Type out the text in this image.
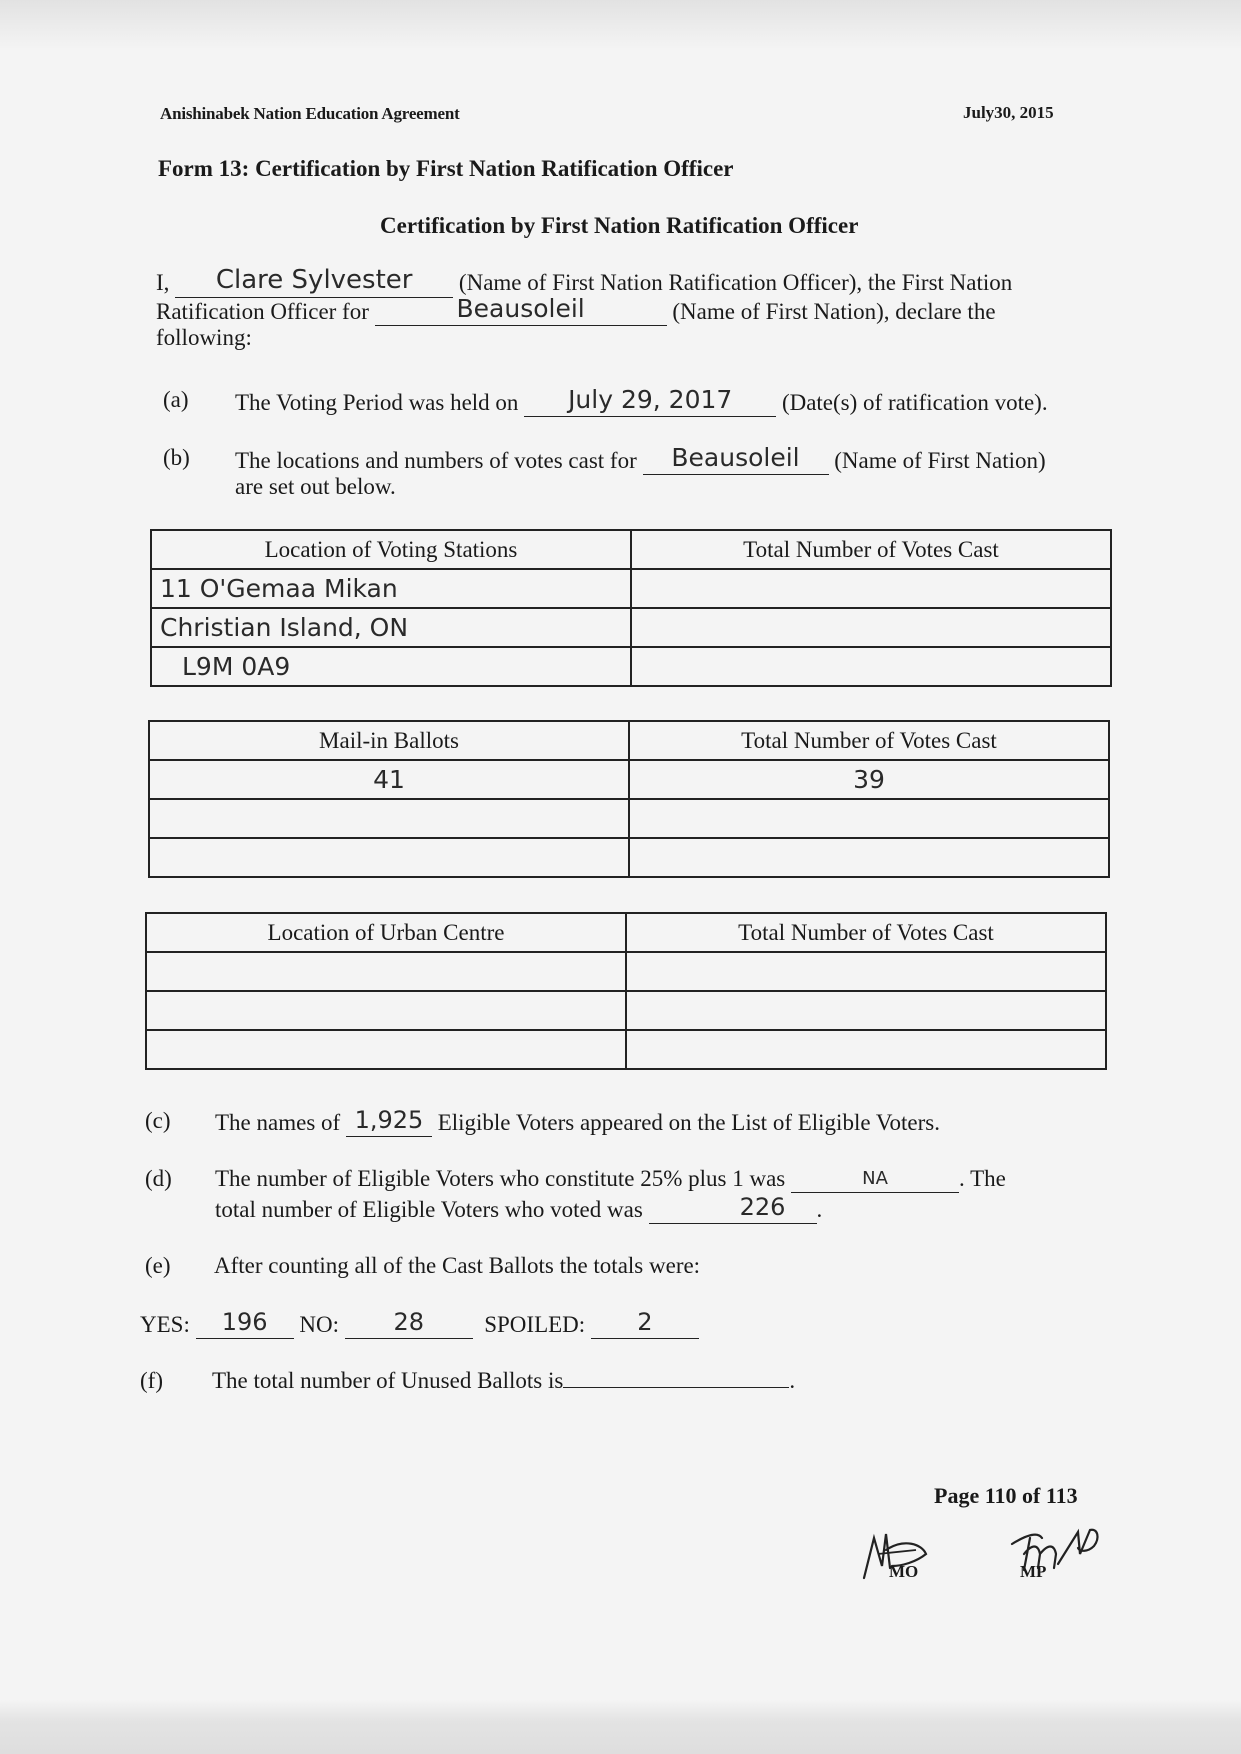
Anishinabek Nation Education Agreement	July30, 2015
Form 13: Certification by First Nation Ratification Officer
Certification by First Nation Ratification Officer
I, Clare Sylvester (Name of First Nation Ratification Officer), the First Nation
Ratification Officer for	Beausoleil	(Name of First Nation), declare the
following:
(a) The Voting Period was held on July 29, 2017 (Date(s) of ratification vote).
(b) The locations and numbers of votes cast for Beausoleil (Name of First Nation)
are set out below.
Location of Voting Stations	Total Number of Votes Cast
11 O'Gemaa Mikan	
Christian Island, ON	
L9M 0A9	
Mail-in Ballots	Total Number of Votes Cast
41	39

Location of Urban Centre	Total Number of Votes Cast

(c) The names of 1,925 Eligible Voters appeared on the List of Eligible Voters.
(d) The number of Eligible Voters who constitute 25% plus 1 was	NA	. The
total number of Eligible Voters who voted was	226 .
(e) After counting all of the Cast Ballots the totals were:
YES: 196 NO: 28	SPOILED: 2
(f) The total number of Unused Ballots is	.
Page 110 of 113
MO	MP
